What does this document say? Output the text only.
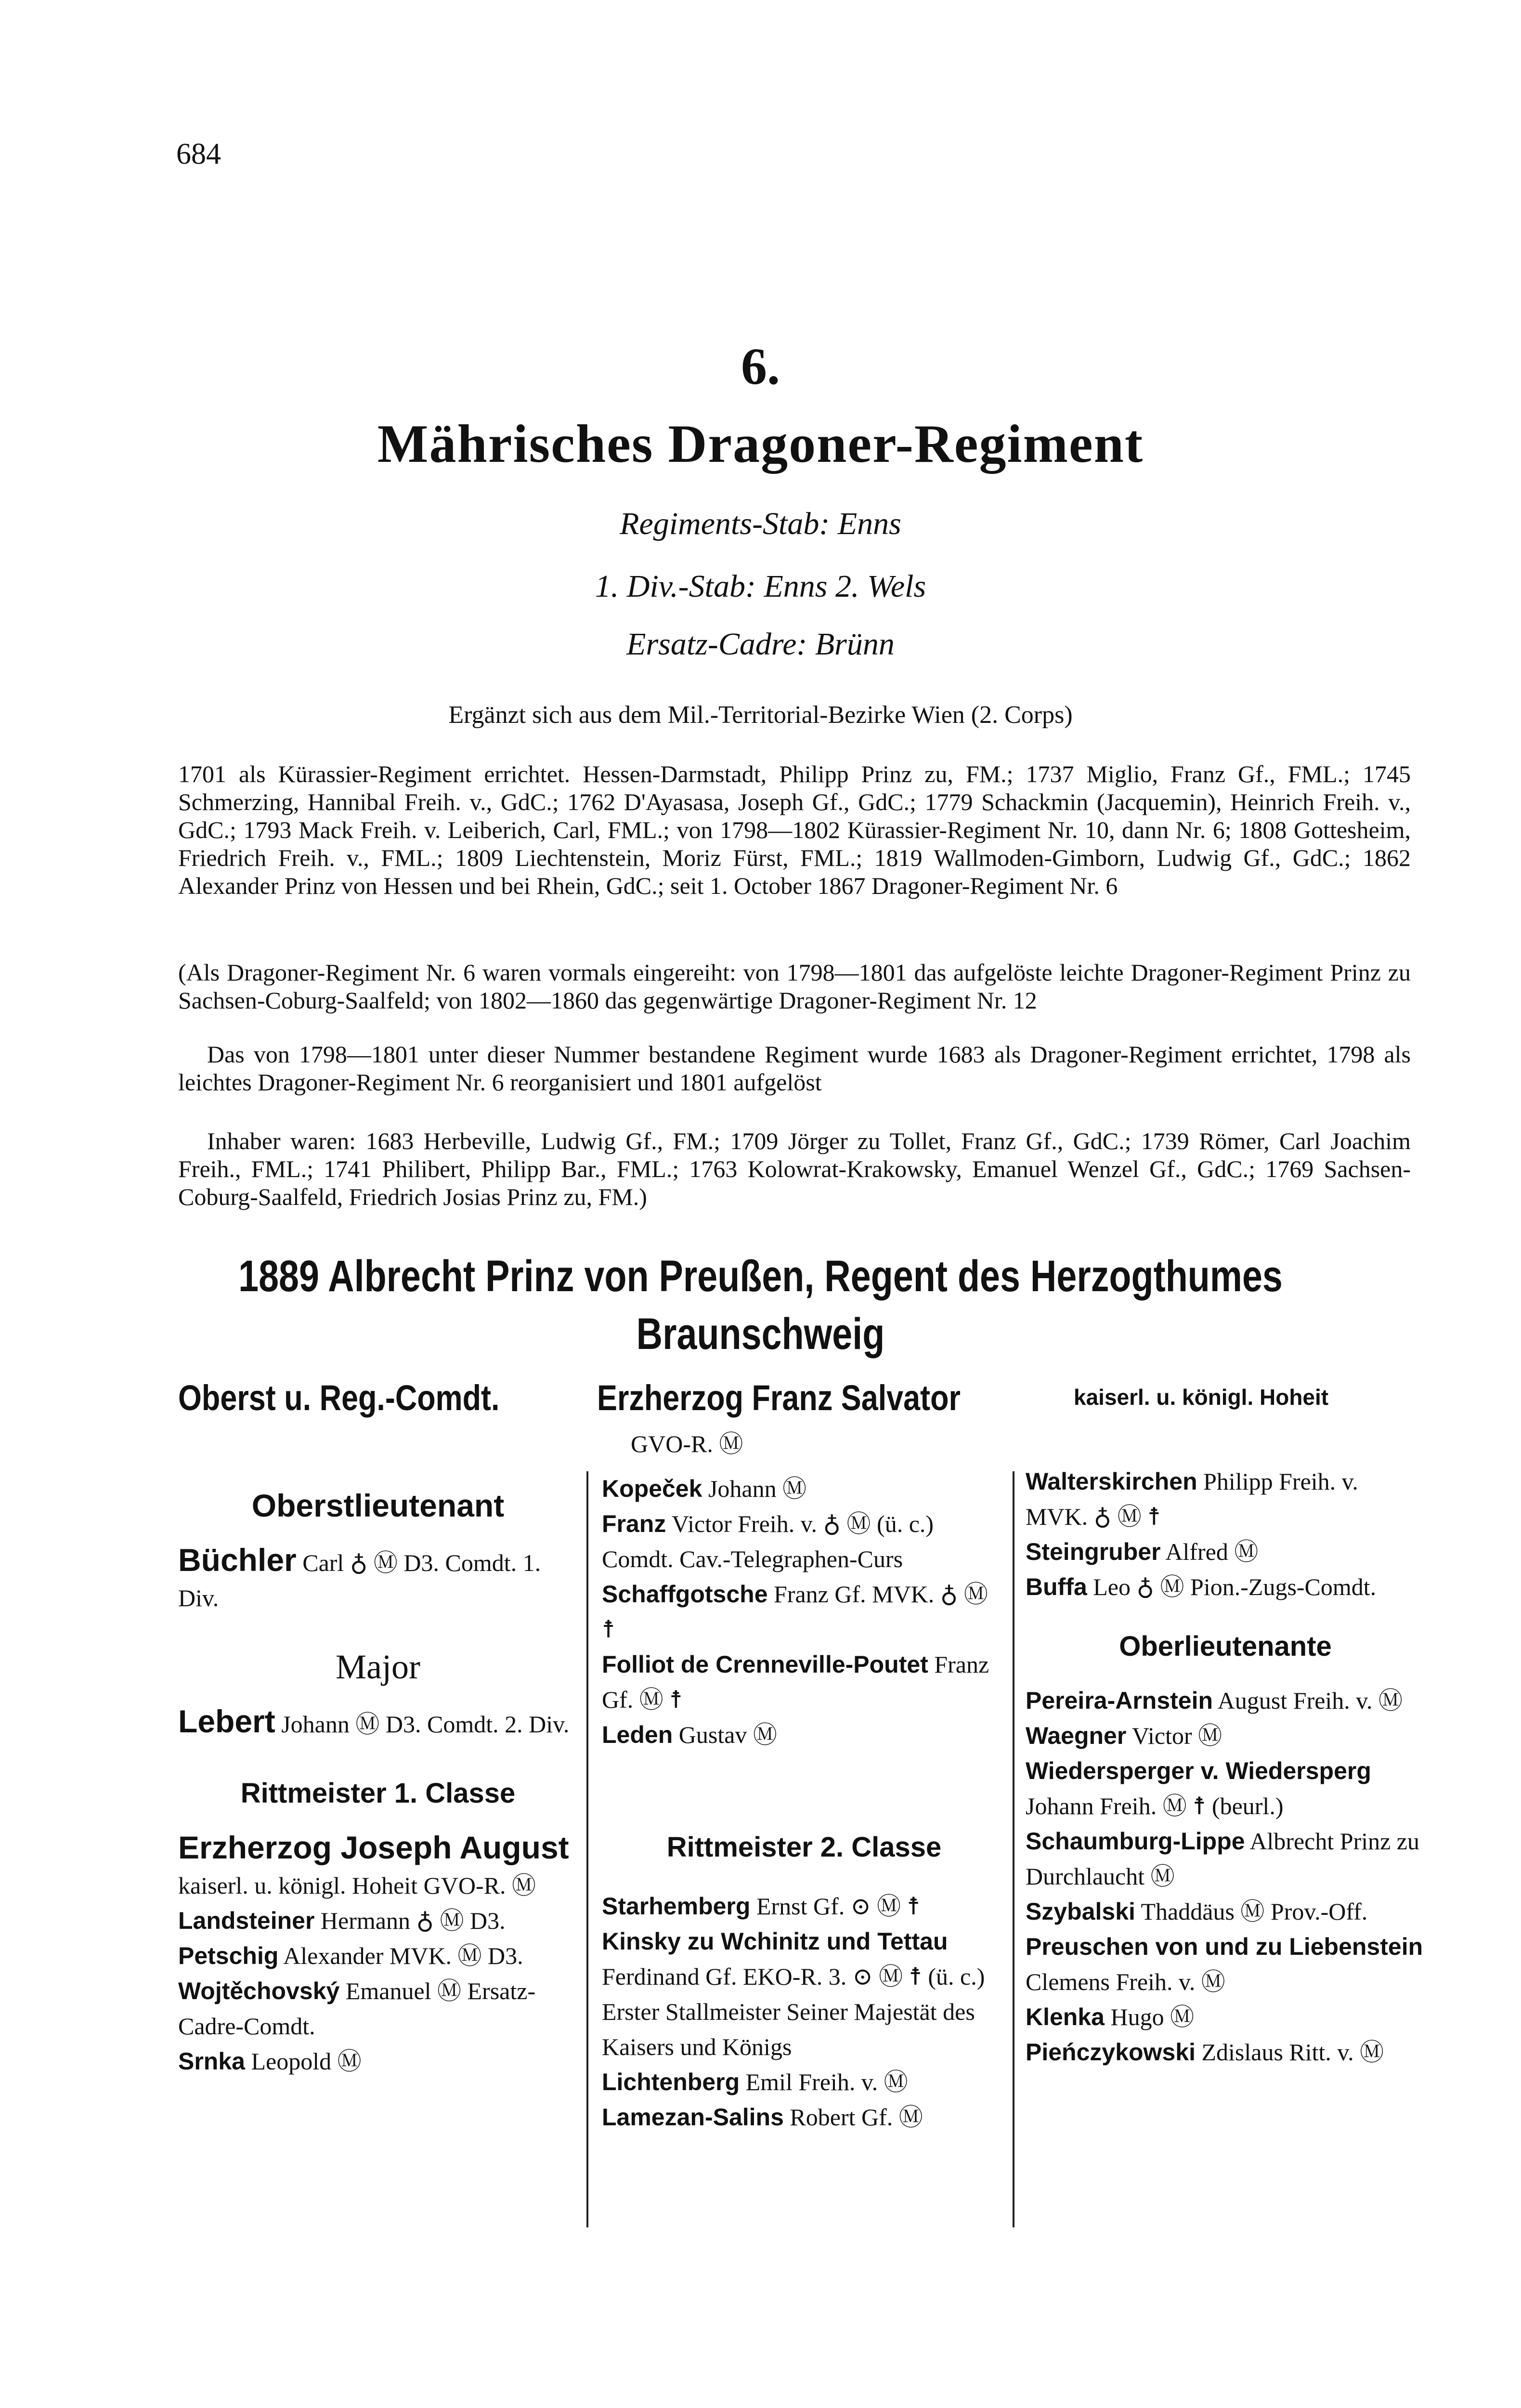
684
6.
Mährisches Dragoner-Regiment
Regiments-Stab: Enns
1. Div.-Stab: Enns 2. Wels
Ersatz-Cadre: Brünn
Ergänzt sich aus dem Mil.-Territorial-Bezirke Wien (2. Corps)
1701 als Kürassier-Regiment errichtet. Hessen-Darmstadt, Philipp Prinz zu, FM.; 1737 Miglio, Franz Gf., FML.; 1745 Schmerzing, Hannibal Freih. v., GdC.; 1762 D'Ayasasa, Joseph Gf., GdC.; 1779 Schackmin (Jacquemin), Heinrich Freih. v., GdC.; 1793 Mack Freih. v. Leiberich, Carl, FML.; von 1798—1802 Kürassier-Regiment Nr. 10, dann Nr. 6; 1808 Gottesheim, Friedrich Freih. v., FML.; 1809 Liechtenstein, Moriz Fürst, FML.; 1819 Wallmoden-Gimborn, Ludwig Gf., GdC.; 1862 Alexander Prinz von Hessen und bei Rhein, GdC.; seit 1. October 1867 Dragoner-Regiment Nr. 6
(Als Dragoner-Regiment Nr. 6 waren vormals eingereiht: von 1798—1801 das aufgelöste leichte Dragoner-Regiment Prinz zu Sachsen-Coburg-Saalfeld; von 1802—1860 das gegenwärtige Dragoner-Regiment Nr. 12
Das von 1798—1801 unter dieser Nummer bestandene Regiment wurde 1683 als Dragoner-Regiment errichtet, 1798 als leichtes Dragoner-Regiment Nr. 6 reorganisiert und 1801 aufgelöst
Inhaber waren: 1683 Herbeville, Ludwig Gf., FM.; 1709 Jörger zu Tollet, Franz Gf., GdC.; 1739 Römer, Carl Joachim Freih., FML.; 1741 Philibert, Philipp Bar., FML.; 1763 Kolowrat-Krakowsky, Emanuel Wenzel Gf., GdC.; 1769 Sachsen-Coburg-Saalfeld, Friedrich Josias Prinz zu, FM.)
1889 Albrecht Prinz von Preußen, Regent des Herzogthumes Braunschweig
Oberst u. Reg.-Comdt.	Erzherzog Franz Salvator	kaiserl. u. königl. Hoheit
GVO-R. Ⓜ
Oberstlieutenant
Büchler Carl ♁ Ⓜ D3. Comdt. 1. Div.
Major
Lebert Johann Ⓜ D3. Comdt. 2. Div.
Rittmeister 1. Classe
Erzherzog Joseph August kaiserl. u. königl. Hoheit GVO-R. Ⓜ
Landsteiner Hermann ♁ Ⓜ D3.
Petschig Alexander MVK. Ⓜ D3.
Wojtěchovský Emanuel Ⓜ Ersatz-Cadre-Comdt.
Srnka Leopold Ⓜ
Kopeček Johann Ⓜ
Franz Victor Freih. v. ♁ Ⓜ (ü. c.) Comdt. Cav.-Telegraphen-Curs
Schaffgotsche Franz Gf. MVK. ♁ Ⓜ ☨
Folliot de Crenneville-Poutet Franz Gf. Ⓜ ☨
Leden Gustav Ⓜ
Rittmeister 2. Classe
Starhemberg Ernst Gf. ⊙ Ⓜ ☨
Kinsky zu Wchinitz und Tettau Ferdinand Gf. EKO-R. 3. ⊙ Ⓜ ☨ (ü. c.) Erster Stallmeister Seiner Majestät des Kaisers und Königs
Lichtenberg Emil Freih. v. Ⓜ
Lamezan-Salins Robert Gf. Ⓜ
Walterskirchen Philipp Freih. v. MVK. ♁ Ⓜ ☨
Steingruber Alfred Ⓜ
Buffa Leo ♁ Ⓜ Pion.-Zugs-Comdt.
Oberlieutenante
Pereira-Arnstein August Freih. v. Ⓜ
Waegner Victor Ⓜ
Wiedersperger v. Wiedersperg Johann Freih. Ⓜ ☨ (beurl.)
Schaumburg-Lippe Albrecht Prinz zu Durchlaucht Ⓜ
Szybalski Thaddäus Ⓜ Prov.-Off.
Preuschen von und zu Liebenstein Clemens Freih. v. Ⓜ
Klenka Hugo Ⓜ
Pieńczykowski Zdislaus Ritt. v. Ⓜ
